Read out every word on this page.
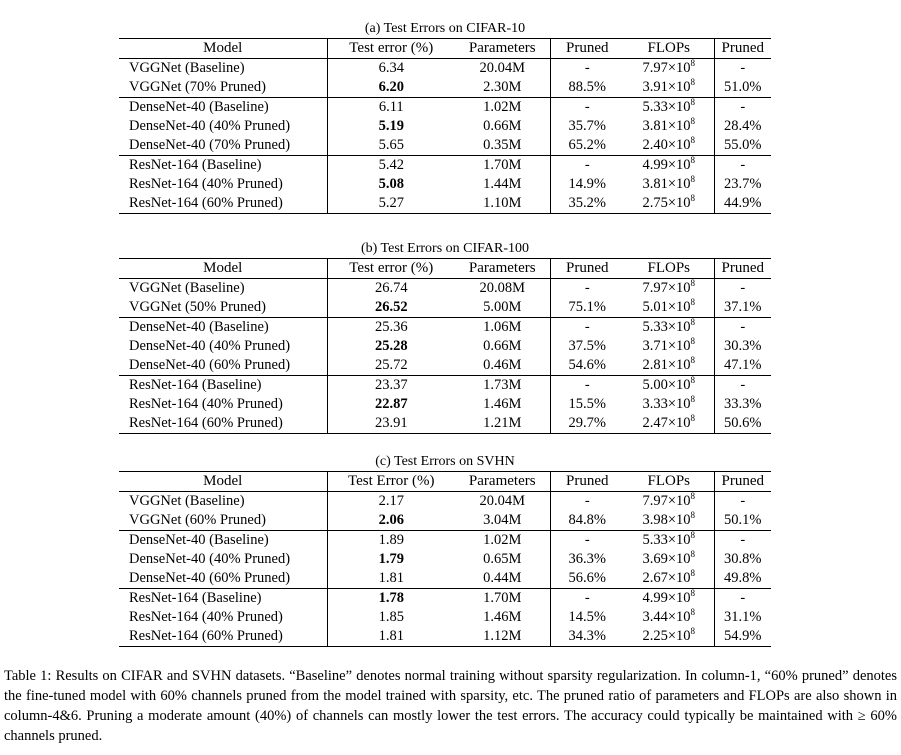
(a) Test Errors on CIFAR-10
Model	Test error (%)	Parameters	Pruned	FLOPs	Pruned
VGGNet (Baseline)	6.34	20.04M	-	$7.97\times 10^8$	-
VGGNet (70% Pruned)	6.20	2.30M	88.5%	$3.91\times 10^8$	51.0%
DenseNet-40 (Baseline)	6.11	1.02M	-	$5.33\times 10^8$	-
DenseNet-40 (40% Pruned)	5.19	0.66M	35.7%	$3.81\times 10^8$	28.4%
DenseNet-40 (70% Pruned)	5.65	0.35M	65.2%	$2.40\times 10^8$	55.0%
ResNet-164 (Baseline)	5.42	1.70M	-	$4.99\times 10^8$	-
ResNet-164 (40% Pruned)	5.08	1.44M	14.9%	$3.81\times 10^8$	23.7%
ResNet-164 (60% Pruned)	5.27	1.10M	35.2%	$2.75\times 10^8$	44.9%
(b) Test Errors on CIFAR-100
Model	Test error (%)	Parameters	Pruned	FLOPs	Pruned
VGGNet (Baseline)	26.74	20.08M	-	$7.97\times 10^8$	-
VGGNet (50% Pruned)	26.52	5.00M	75.1%	$5.01\times 10^8$	37.1%
DenseNet-40 (Baseline)	25.36	1.06M	-	$5.33\times 10^8$	-
DenseNet-40 (40% Pruned)	25.28	0.66M	37.5%	$3.71\times 10^8$	30.3%
DenseNet-40 (60% Pruned)	25.72	0.46M	54.6%	$2.81\times 10^8$	47.1%
ResNet-164 (Baseline)	23.37	1.73M	-	$5.00\times 10^8$	-
ResNet-164 (40% Pruned)	22.87	1.46M	15.5%	$3.33\times 10^8$	33.3%
ResNet-164 (60% Pruned)	23.91	1.21M	29.7%	$2.47\times 10^8$	50.6%
(c) Test Errors on SVHN
Model	Test Error (%)	Parameters	Pruned	FLOPs	Pruned
VGGNet (Baseline)	2.17	20.04M	-	$7.97\times 10^8$	-
VGGNet (60% Pruned)	2.06	3.04M	84.8%	$3.98\times 10^8$	50.1%
DenseNet-40 (Baseline)	1.89	1.02M	-	$5.33\times 10^8$	-
DenseNet-40 (40% Pruned)	1.79	0.65M	36.3%	$3.69\times 10^8$	30.8%
DenseNet-40 (60% Pruned)	1.81	0.44M	56.6%	$2.67\times 10^8$	49.8%
ResNet-164 (Baseline)	1.78	1.70M	-	$4.99\times 10^8$	-
ResNet-164 (40% Pruned)	1.85	1.46M	14.5%	$3.44\times 10^8$	31.1%
ResNet-164 (60% Pruned)	1.81	1.12M	34.3%	$2.25\times 10^8$	54.9%
Table 1: Results on CIFAR and SVHN datasets. “Baseline” denotes normal training without sparsity regularization. In column-1, “60% pruned” denotes the fine-tuned model with 60% channels pruned from the model trained with sparsity, etc. The pruned ratio of parameters and FLOPs are also shown in column-4&6. Pruning a moderate amount (40%) of channels can mostly lower the test errors. The accuracy could typically be maintained with ≥ 60% channels pruned.
